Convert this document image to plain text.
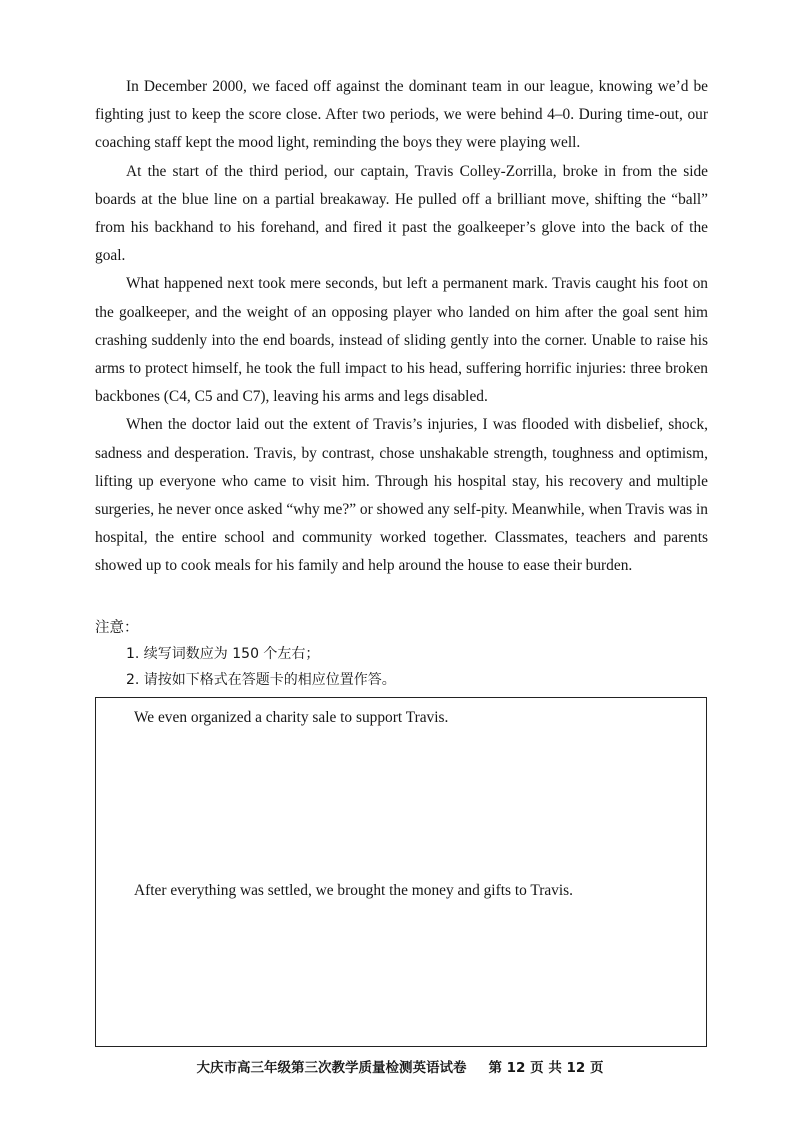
In December 2000, we faced off against the dominant team in our league, knowing we’d be fighting just to keep the score close. After two periods, we were behind 4–0. During time-out, our coaching staff kept the mood light, reminding the boys they were playing well.

At the start of the third period, our captain, Travis Colley-Zorrilla, broke in from the side boards at the blue line on a partial breakaway. He pulled off a brilliant move, shifting the “ball” from his backhand to his forehand, and fired it past the goalkeeper’s glove into the back of the goal.

What happened next took mere seconds, but left a permanent mark. Travis caught his foot on the goalkeeper, and the weight of an opposing player who landed on him after the goal sent him crashing suddenly into the end boards, instead of sliding gently into the corner. Unable to raise his arms to protect himself, he took the full impact to his head, suffering horrific injuries: three broken backbones (C4, C5 and C7), leaving his arms and legs disabled.

When the doctor laid out the extent of Travis’s injuries, I was flooded with disbelief, shock, sadness and desperation. Travis, by contrast, chose unshakable strength, toughness and optimism, lifting up everyone who came to visit him. Through his hospital stay, his recovery and multiple surgeries, he never once asked “why me?” or showed any self-pity. Meanwhile, when Travis was in hospital, the entire school and community worked together. Classmates, teachers and parents showed up to cook meals for his family and help around the house to ease their burden.

注意：

1. 续写词数应为 150 个左右；

2. 请按如下格式在答题卡的相应位置作答。

We even organized a charity sale to support Travis.

After everything was settled, we brought the money and gifts to Travis.

大庆市高三年级第三次教学质量检测英语试卷 第 12 页 共 12 页
